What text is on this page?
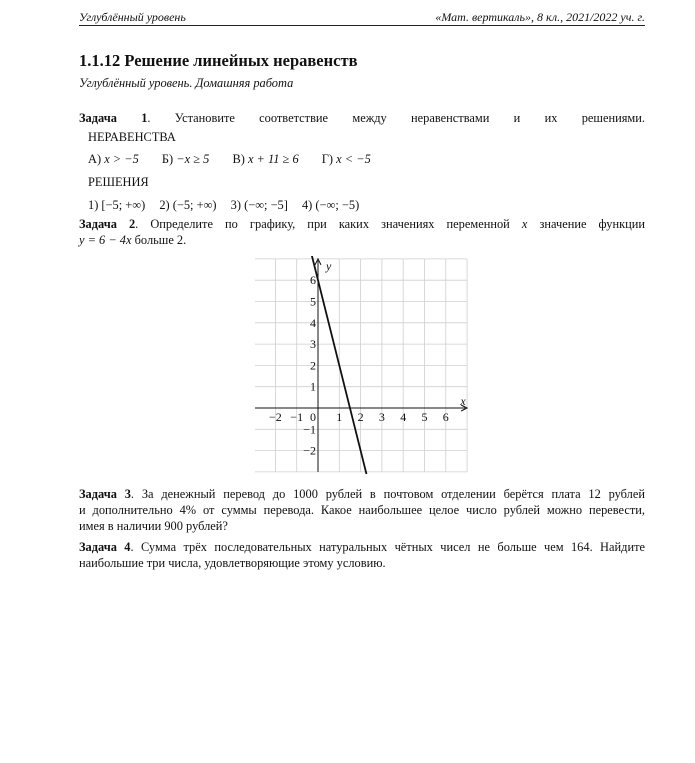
Углублённый уровень	«Мат. вертикаль», 8 кл., 2021/2022 уч. г.
1.1.12 Решение линейных неравенств
Углублённый уровень. Домашняя работа
Задача 1. Установите соответствие между неравенствами и их решениями.
НЕРАВЕНСТВА
А) x > −5 Б) −x ≥ 5 В) x + 11 ≥ 6 Г) x < −5
РЕШЕНИЯ
1) [−5; +∞) 2) (−5; +∞) 3) (−∞; −5] 4) (−∞; −5)
Задача 2. Определите по графику, при каких значениях переменной x значение функции
y = 6 − 4x больше 2.
−2 −1	1 2 3 4 5 6
−2
−1
1
2
3
4
5
6
0
x
y
Задача 3. За денежный перевод до 1000 рублей в почтовом отделении берётся плата 12 рублей
и дополнительно 4% от суммы перевода. Какое наибольшее целое число рублей можно перевести,
имея в наличии 900 рублей?
Задача 4. Сумма трёх последовательных натуральных чётных чисел не больше чем 164. Найдите
наибольшие три числа, удовлетворяющие этому условию.
